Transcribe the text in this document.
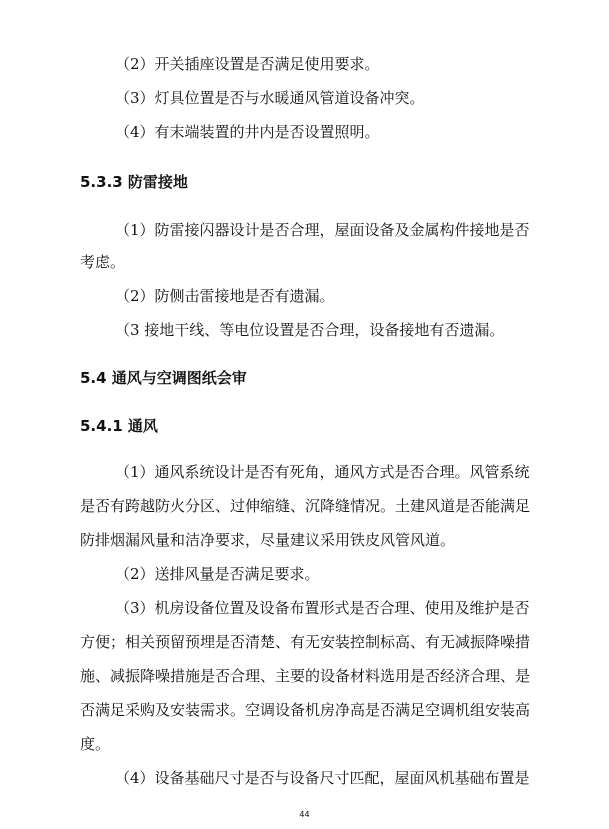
（2）开关插座设置是否满足使用要求。
（3）灯具位置是否与水暖通风管道设备冲突。
（4）有末端装置的井内是否设置照明。
5.3.3 防雷接地
（1）防雷接闪器设计是否合理，屋面设备及金属构件接地是否
考虑。
（2）防侧击雷接地是否有遗漏。
（3 接地干线、等电位设置是否合理，设备接地有否遗漏。
5.4 通风与空调图纸会审
5.4.1 通风
（1）通风系统设计是否有死角，通风方式是否合理。风管系统
是否有跨越防火分区、过伸缩缝、沉降缝情况。土建风道是否能满足
防排烟漏风量和洁净要求，尽量建议采用铁皮风管风道。
（2）送排风量是否满足要求。
（3）机房设备位置及设备布置形式是否合理、使用及维护是否
方便；相关预留预埋是否清楚、有无安装控制标高、有无减振降噪措
施、减振降噪措施是否合理、主要的设备材料选用是否经济合理、是
否满足采购及安装需求。空调设备机房净高是否满足空调机组安装高
度。
（4）设备基础尺寸是否与设备尺寸匹配，屋面风机基础布置是
44
